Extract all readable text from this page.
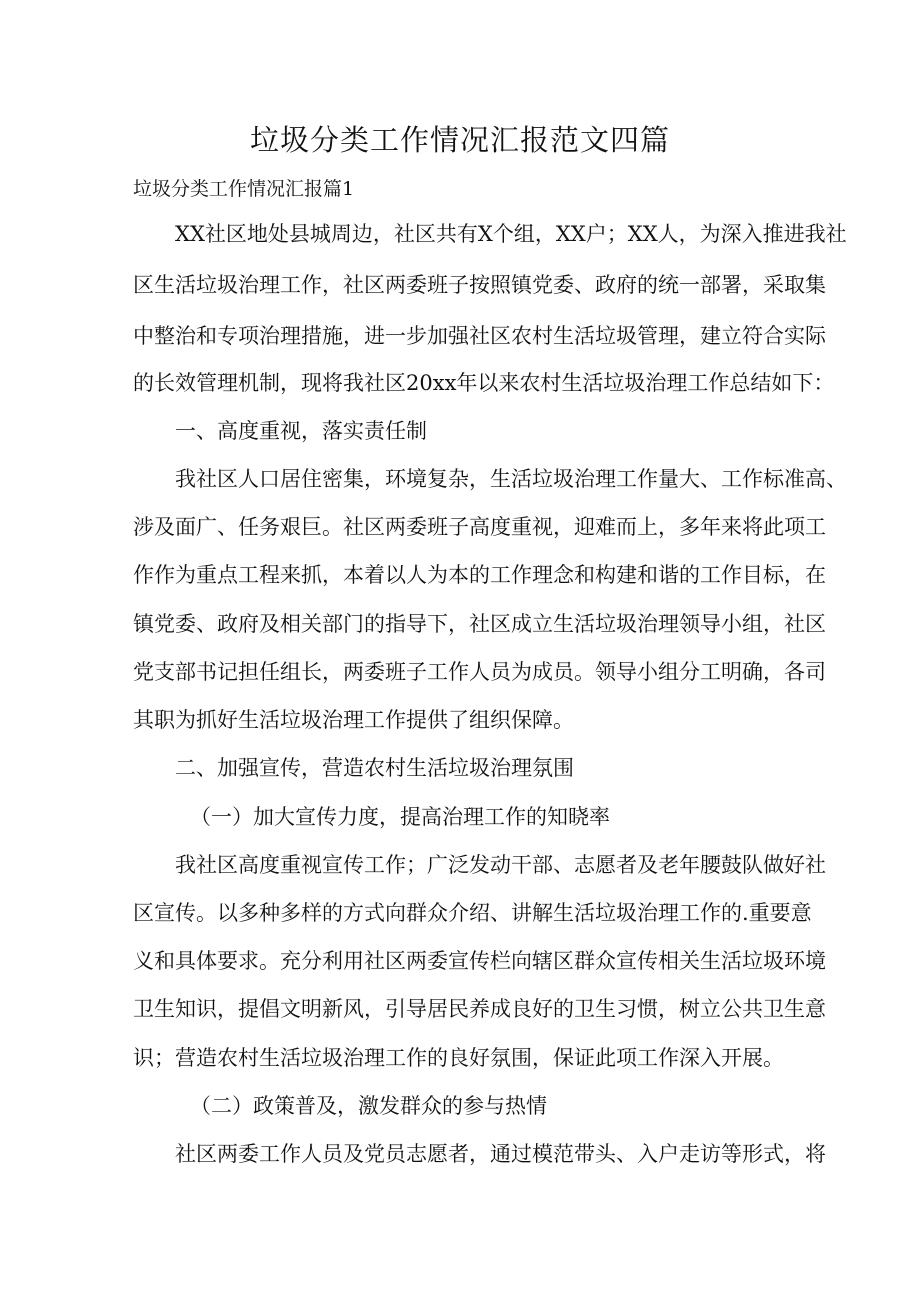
垃圾分类工作情况汇报范文四篇
垃圾分类工作情况汇报篇1
XX社区地处县城周边，社区共有X个组，XX户；XX人，为深入推进我社
区生活垃圾治理工作，社区两委班子按照镇党委、政府的统一部署，采取集
中整治和专项治理措施，进一步加强社区农村生活垃圾管理，建立符合实际
的长效管理机制，现将我社区20xx年以来农村生活垃圾治理工作总结如下：
一、高度重视，落实责任制
我社区人口居住密集，环境复杂，生活垃圾治理工作量大、工作标准高、
涉及面广、任务艰巨。社区两委班子高度重视，迎难而上，多年来将此项工
作作为重点工程来抓，本着以人为本的工作理念和构建和谐的工作目标，在
镇党委、政府及相关部门的指导下，社区成立生活垃圾治理领导小组，社区
党支部书记担任组长，两委班子工作人员为成员。领导小组分工明确，各司
其职为抓好生活垃圾治理工作提供了组织保障。
二、加强宣传，营造农村生活垃圾治理氛围
（一）加大宣传力度，提高治理工作的知晓率
我社区高度重视宣传工作；广泛发动干部、志愿者及老年腰鼓队做好社
区宣传。以多种多样的方式向群众介绍、讲解生活垃圾治理工作的.重要意
义和具体要求。充分利用社区两委宣传栏向辖区群众宣传相关生活垃圾环境
卫生知识，提倡文明新风，引导居民养成良好的卫生习惯，树立公共卫生意
识；营造农村生活垃圾治理工作的良好氛围，保证此项工作深入开展。
（二）政策普及，激发群众的参与热情
社区两委工作人员及党员志愿者，通过模范带头、入户走访等形式，将
